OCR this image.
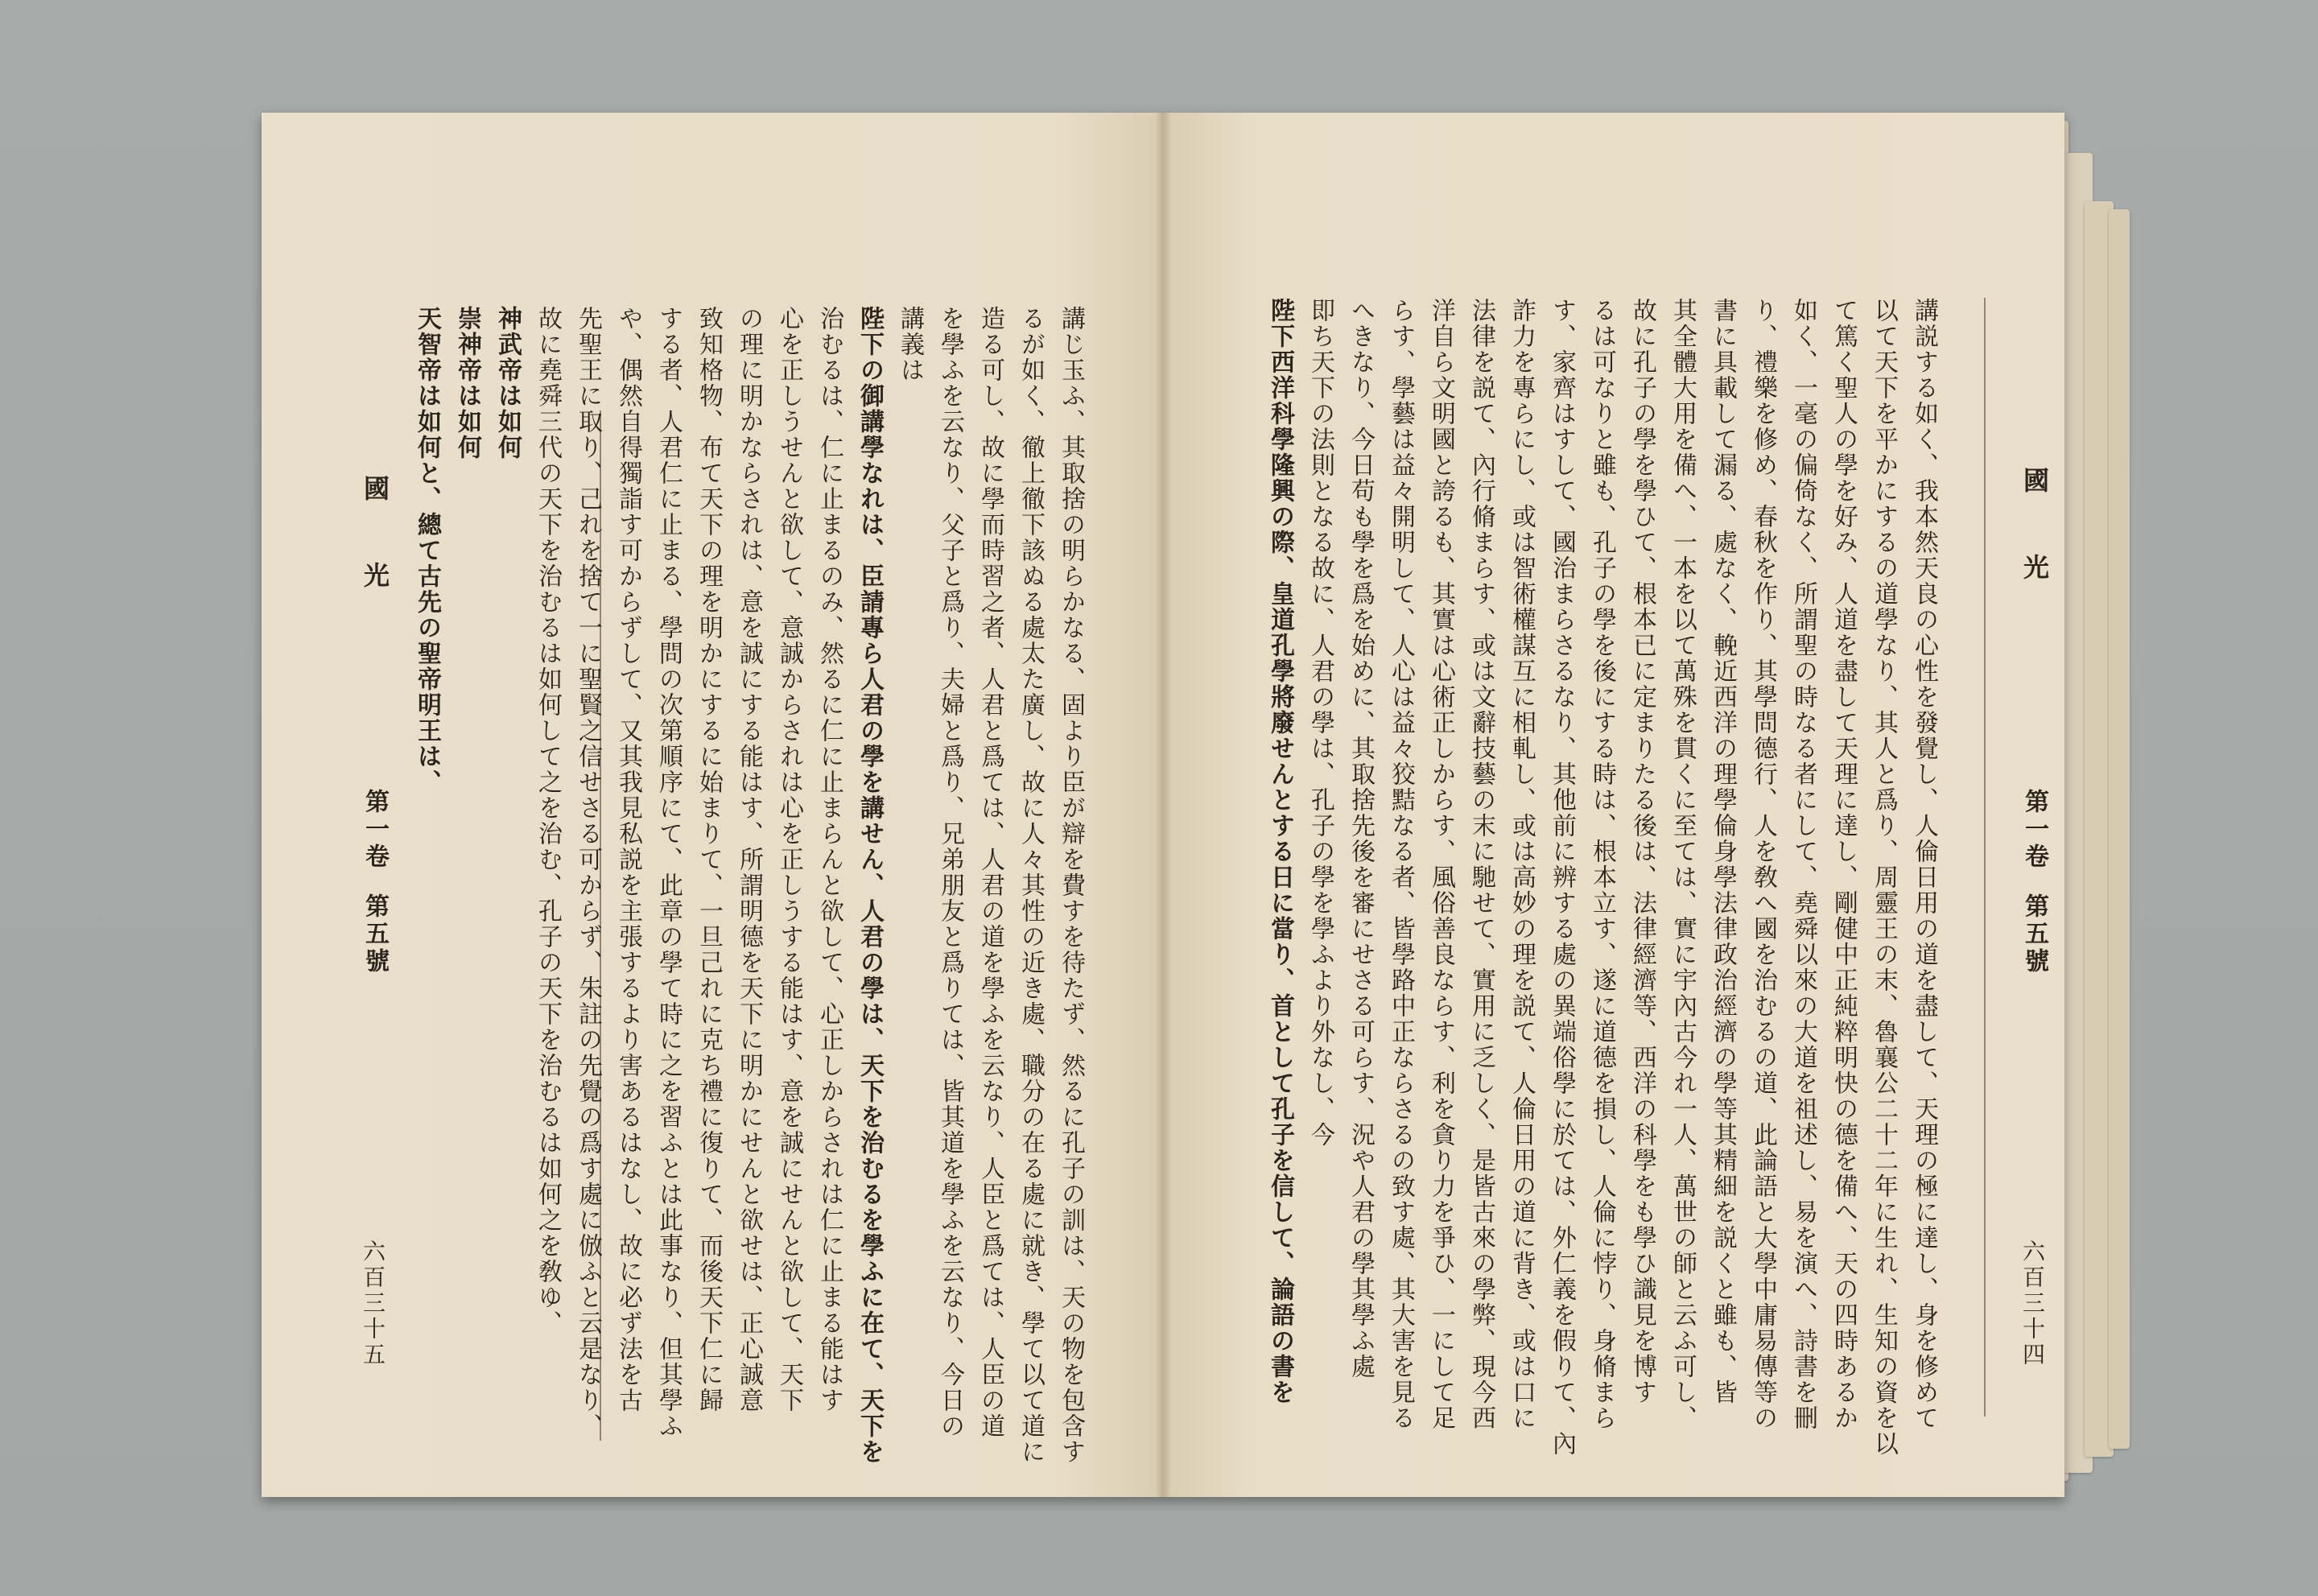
國　　光
第一卷
第五號
六百三十五	講じ玉ふ、其取捨の明らかなる、固より臣が辯を費すを待たず、然るに孔子の訓は、天の物を包含す
るが如く、徹上徹下該ぬる處太た廣し、故に人々其性の近き處、職分の在る處に就き、學て以て道に
造る可し、故に學而時習之者、人君と爲ては、人君の道を學ふを云なり、人臣と爲ては、人臣の道
を學ふを云なり、父子と爲り、夫婦と爲り、兄弟朋友と爲りては、皆其道を學ふを云なり、今日の
講義は
陛下の御講學なれは、臣請專ら人君の學を講せん、人君の學は、天下を治むるを學ふに在て、天下を
治むるは、仁に止まるのみ、然るに仁に止まらんと欲して、心正しからされは仁に止まる能はす
心を正しうせんと欲して、意誠からされは心を正しうする能はす、意を誠にせんと欲して、天下
の理に明かならされは、意を誠にする能はす、所謂明德を天下に明かにせんと欲せは、正心誠意
致知格物、布て天下の理を明かにするに始まりて、一旦己れに克ち禮に復りて、而後天下仁に歸
する者、人君仁に止まる、學問の次第順序にて、此章の學て時に之を習ふとは此事なり、但其學ふ
や、偶然自得獨詣す可からずして、又其我見私説を主張するより害あるはなし、故に必ず法を古
先聖王に取り、己れを捨て一に聖賢之信せさる可からず、朱註の先覺の爲す處に倣ふと云是なり、
故に堯舜三代の天下を治むるは如何して之を治む、孔子の天下を治むるは如何之を敎ゆ、
神武帝は如何
崇神帝は如何
天智帝は如何と、總て古先の聖帝明王は、	國　　光
第一卷
第五號
六百三十四
講説する如く、我本然天良の心性を發覺し、人倫日用の道を盡して、天理の極に達し、身を修めて
以て天下を平かにするの道學なり、其人と爲り、周靈王の末、魯襄公二十二年に生れ、生知の資を以
て篤く聖人の學を好み、人道を盡して天理に達し、剛健中正純粹明快の德を備へ、天の四時あるか
如く、一毫の偏倚なく、所謂聖の時なる者にして、堯舜以來の大道を祖述し、易を演へ、詩書を刪
り、禮樂を修め、春秋を作り、其學問德行、人を敎へ國を治むるの道、此論語と大學中庸易傳等の
書に具載して漏る、處なく、輓近西洋の理學倫身學法律政治經濟の學等其精細を説くと雖も、皆
其全體大用を備へ、一本を以て萬殊を貫くに至ては、實に宇內古今れ一人、萬世の師と云ふ可し、
故に孔子の學を學ひて、根本已に定まりたる後は、法律經濟等、西洋の科學をも學ひ識見を博す
るは可なりと雖も、孔子の學を後にする時は、根本立す、遂に道德を損し、人倫に悖り、身脩まら
す、家齊はすして、國治まらさるなり、其他前に辨する處の異端俗學に於ては、外仁義を假りて、內
詐力を專らにし、或は智術權謀互に相軋し、或は高妙の理を説て、人倫日用の道に背き、或は口に
法律を説て、內行脩まらす、或は文辭技藝の末に馳せて、實用に乏しく、是皆古來の學弊、現今西
洋自ら文明國と誇るも、其實は心術正しからす、風俗善良ならす、利を貪り力を爭ひ、一にして足
らす、學藝は益々開明して、人心は益々狡黠なる者、皆學路中正ならさるの致す處、其大害を見る
へきなり、今日苟も學を爲を始めに、其取捨先後を審にせさる可らす、況や人君の學其學ふ處
即ち天下の法則となる故に、人君の學は、孔子の學を學ふより外なし、今
陛下西洋科學隆興の際、皇道孔學將廢せんとする日に當り、首として孔子を信して、論語の書を
